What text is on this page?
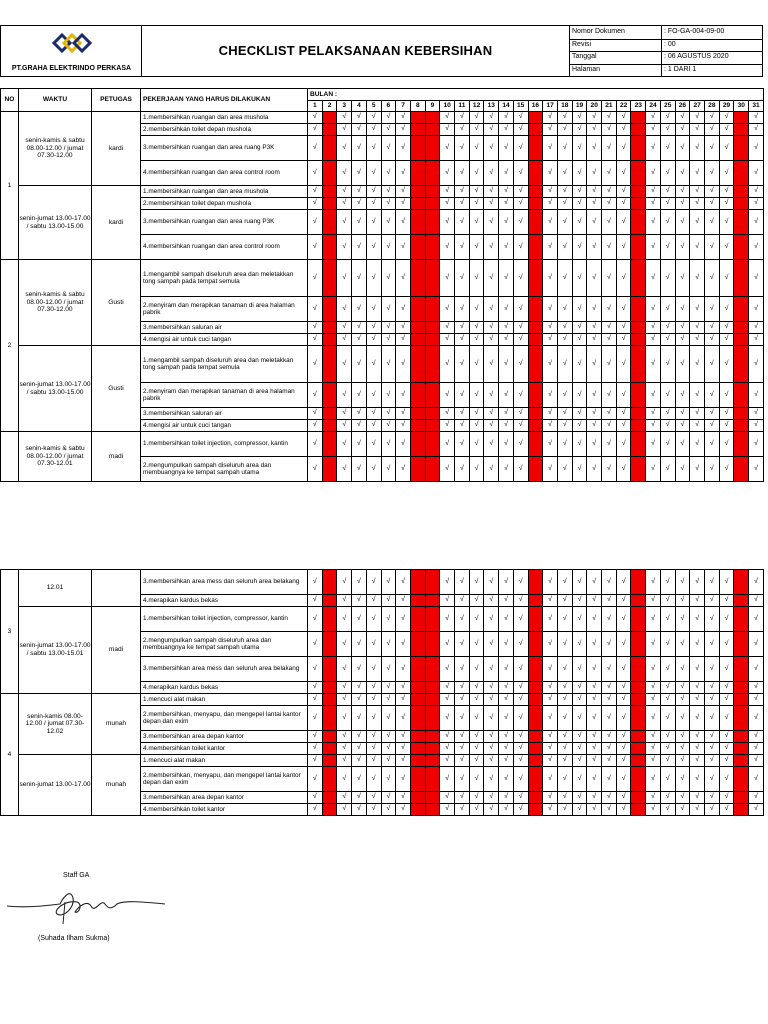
PT.GRAHA ELEKTRINDO PERKASA
CHECKLIST PELAKSANAAN KEBERSIHAN
Nomor Dokumen	: FO-GA-004-09-00
Revisi	: 00
Tanggal	: 06 AGUSTUS 2020
Halaman	: 1 DARI 1
NO	WAKTU	PETUGAS	PEKERJAAN YANG HARUS DILAKUKAN	BULAN :																														
				1	2	3	4	5	6	7	8	9	10	11	12	13	14	15	16	17	18	19	20	21	22	23	24	25	26	27	28	29	30	31
1	senin-kamis & sabtu 08.00-12.00 / jumat 07.30-12.00	kardi	1.membersihkan ruangan dan area mushola	√		√	√	√	√	√			√	√	√	√	√	√		√	√	√	√	√	√		√	√	√	√	√	√		√
			2.membersihkan toilet depan mushola	√		√	√	√	√	√			√	√	√	√	√	√		√	√	√	√	√	√		√	√	√	√	√	√		√
			3.membersihkan ruangan dan area ruang P3K	√		√	√	√	√	√			√	√	√	√	√	√		√	√	√	√	√	√		√	√	√	√	√	√		√
			4.membersihkan ruangan dan area control room	√		√	√	√	√	√			√	√	√	√	√	√		√	√	√	√	√	√		√	√	√	√	√	√		√
	senin-jumat 13.00-17.00 / sabtu 13.00-15.00	kardi	1.membersihkan ruangan dan area mushola	√		√	√	√	√	√			√	√	√	√	√	√		√	√	√	√	√	√		√	√	√	√	√	√		√
			2.membersihkan toilet depan mushola	√		√	√	√	√	√			√	√	√	√	√	√		√	√	√	√	√	√		√	√	√	√	√	√		√
			3.membersihkan ruangan dan area ruang P3K	√		√	√	√	√	√			√	√	√	√	√	√		√	√	√	√	√	√		√	√	√	√	√	√		√
			4.membersihkan ruangan dan area control room	√		√	√	√	√	√			√	√	√	√	√	√		√	√	√	√	√	√		√	√	√	√	√	√		√
2	senin-kamis & sabtu 08.00-12.00 / jumat 07.30-12.00	Gusti	1.mengambil sampah diseluruh area dan meletakkan tong sampah pada tempat semula	√		√	√	√	√	√			√	√	√	√	√	√		√	√	√	√	√	√		√	√	√	√	√	√		√
			2.menyiram dan merapikan tanaman di area halaman pabrik	√		√	√	√	√	√			√	√	√	√	√	√		√	√	√	√	√	√		√	√	√	√	√	√		√
			3.membersihkan saluran air	√		√	√	√	√	√			√	√	√	√	√	√		√	√	√	√	√	√		√	√	√	√	√	√		√
			4.mengisi air untuk cuci tangan	√		√	√	√	√	√			√	√	√	√	√	√		√	√	√	√	√	√		√	√	√	√	√	√		√
	senin-jumat 13.00-17.00 / sabtu 13.00-15.00	Gusti	1.mengambil sampah diseluruh area dan meletakkan tong sampah pada tempat semula	√		√	√	√	√	√			√	√	√	√	√	√		√	√	√	√	√	√		√	√	√	√	√	√		√
			2.menyiram dan merapikan tanaman di area halaman pabrik	√		√	√	√	√	√			√	√	√	√	√	√		√	√	√	√	√	√		√	√	√	√	√	√		√
			3.membersihkan saluran air	√		√	√	√	√	√			√	√	√	√	√	√		√	√	√	√	√	√		√	√	√	√	√	√		√
			4.mengisi air untuk cuci tangan	√		√	√	√	√	√			√	√	√	√	√	√		√	√	√	√	√	√		√	√	√	√	√	√		√
	senin-kamis & sabtu 08.00-12.00 / jumat 07.30-12.01	madi	1.membersihkan toilet injection, compressor, kantin	√		√	√	√	√	√			√	√	√	√	√	√		√	√	√	√	√	√		√	√	√	√	√	√		√
			2.mengumpulkan sampah diseluruh area dan membuangnya ke tempat sampah utama	√		√	√	√	√	√			√	√	√	√	√	√		√	√	√	√	√	√		√	√	√	√	√	√		√
3	12.01		3.membersihkan area mess dan seluruh area belakang	√		√	√	√	√	√			√	√	√	√	√	√		√	√	√	√	√	√		√	√	√	√	√	√		√
			4.merapikan kardus bekas	√		√	√	√	√	√			√	√	√	√	√	√		√	√	√	√	√	√		√	√	√	√	√	√		√
	senin-jumat 13.00-17.00 / sabtu 13.00-15.01	madi	1.membersihkan toilet injection, compressor, kantin	√		√	√	√	√	√			√	√	√	√	√	√		√	√	√	√	√	√		√	√	√	√	√	√		√
			2.mengumpulkan sampah diseluruh area dan membuangnya ke tempat sampah utama	√		√	√	√	√	√			√	√	√	√	√	√		√	√	√	√	√	√		√	√	√	√	√	√		√
			3.membersihkan area mess dan seluruh area belakang	√		√	√	√	√	√			√	√	√	√	√	√		√	√	√	√	√	√		√	√	√	√	√	√		√
			4.merapikan kardus bekas	√		√	√	√	√	√			√	√	√	√	√	√		√	√	√	√	√	√		√	√	√	√	√	√		√
4	senin-kamis 08.00-12.00 / jumat 07.30-12.02	munah	1.mencuci alat makan	√		√	√	√	√	√			√	√	√	√	√	√		√	√	√	√	√	√		√	√	√	√	√	√		√
			2.membersihkan, menyapu, dan mengepel lantai kantor depan dan exim	√		√	√	√	√	√			√	√	√	√	√	√		√	√	√	√	√	√		√	√	√	√	√	√		√
			3.membersihkan area depan kantor	√		√	√	√	√	√			√	√	√	√	√	√		√	√	√	√	√	√		√	√	√	√	√	√		√
			4.membersihkan toilet kantor	√		√	√	√	√	√			√	√	√	√	√	√		√	√	√	√	√	√		√	√	√	√	√	√		√
	senin-jumat 13.00-17.00	munah	1.mencuci alat makan	√		√	√	√	√	√			√	√	√	√	√	√		√	√	√	√	√	√		√	√	√	√	√	√		√
			2.membersihkan, menyapu, dan mengepel lantai kantor depan dan exim	√		√	√	√	√	√			√	√	√	√	√	√		√	√	√	√	√	√		√	√	√	√	√	√		√
			3.membersihkan area depan kantor	√		√	√	√	√	√			√	√	√	√	√	√		√	√	√	√	√	√		√	√	√	√	√	√		√
			4.membersihkan toilet kantor	√		√	√	√	√	√			√	√	√	√	√	√		√	√	√	√	√	√		√	√	√	√	√	√		√
Staff GA
(Suhada Ilham Sukma)
